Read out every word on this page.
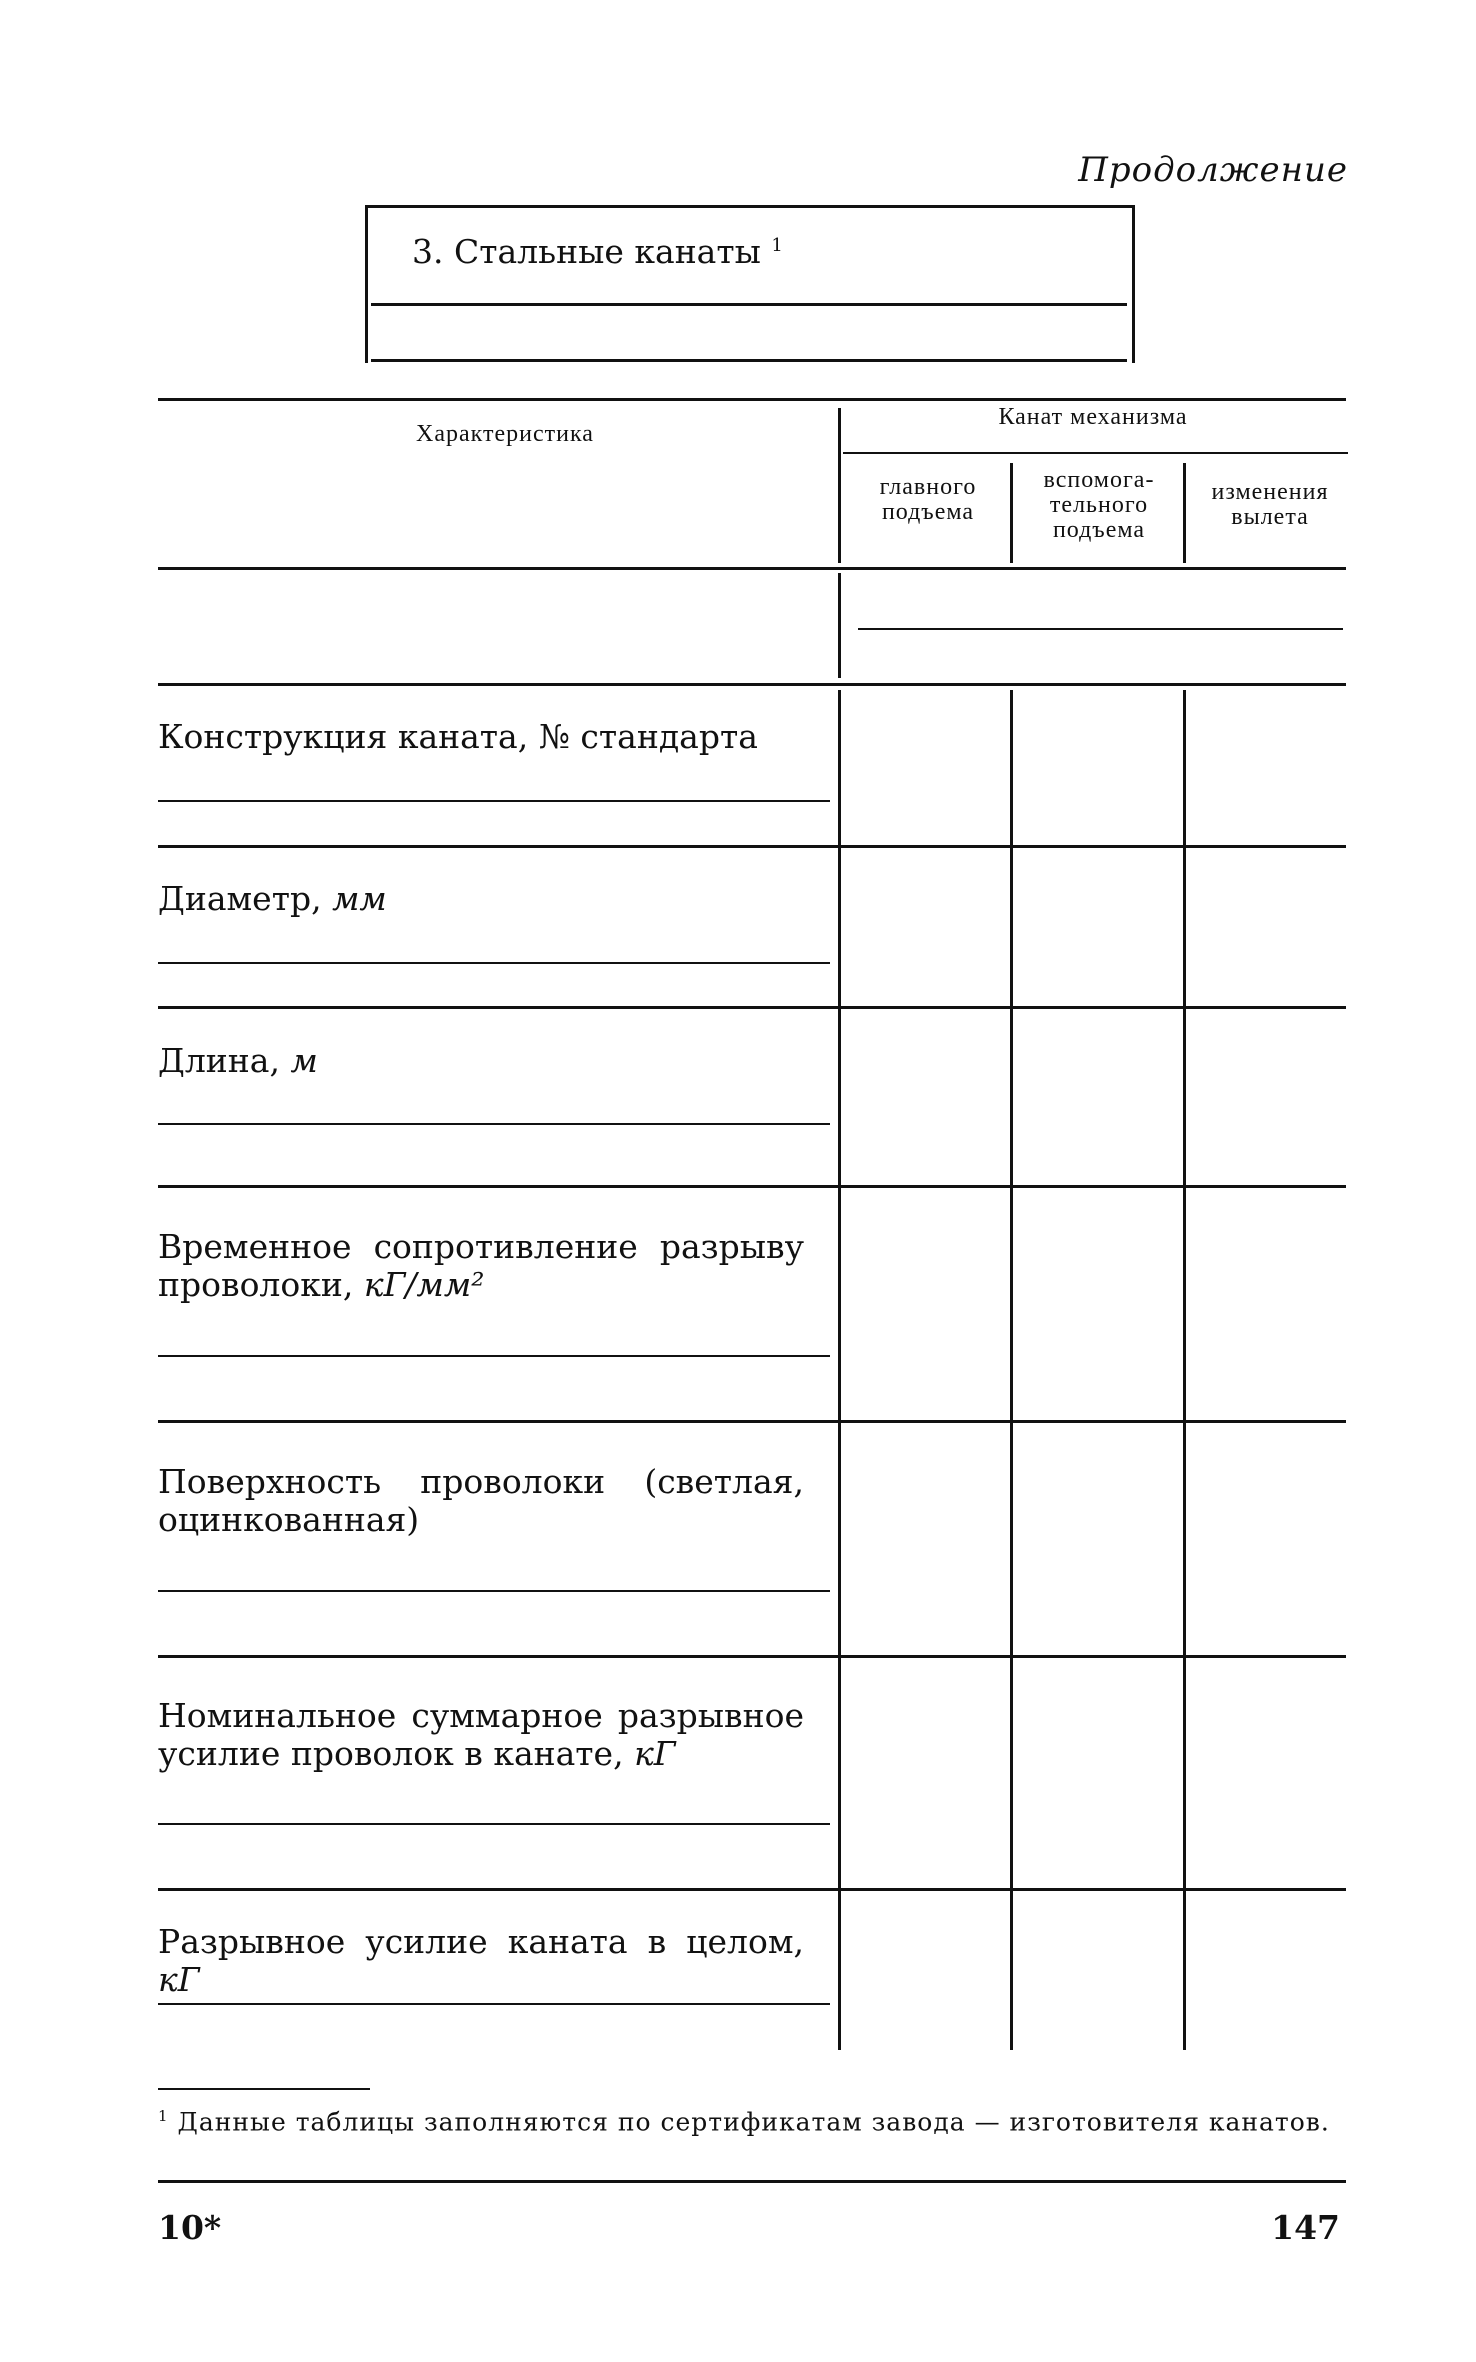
Продолжение
3. Стальные канаты $^1$
Характеристика
Канат механизма
главного
подъема
вспомога-
тельного
подъема
изменения
вылета
Конструкция каната, № стандарта
Диаметр, мм
Длина, м
Временное сопротивление разрыву проволоки, кГ/мм²
Поверхность проволоки (светлая, оцинкованная)
Номинальное суммарное разрывное усилие проволок в канате, кГ
Разрывное усилие каната в целом, кГ
$^1$ Данные таблицы заполняются по сертификатам завода — изготовителя канатов.
10*	147
